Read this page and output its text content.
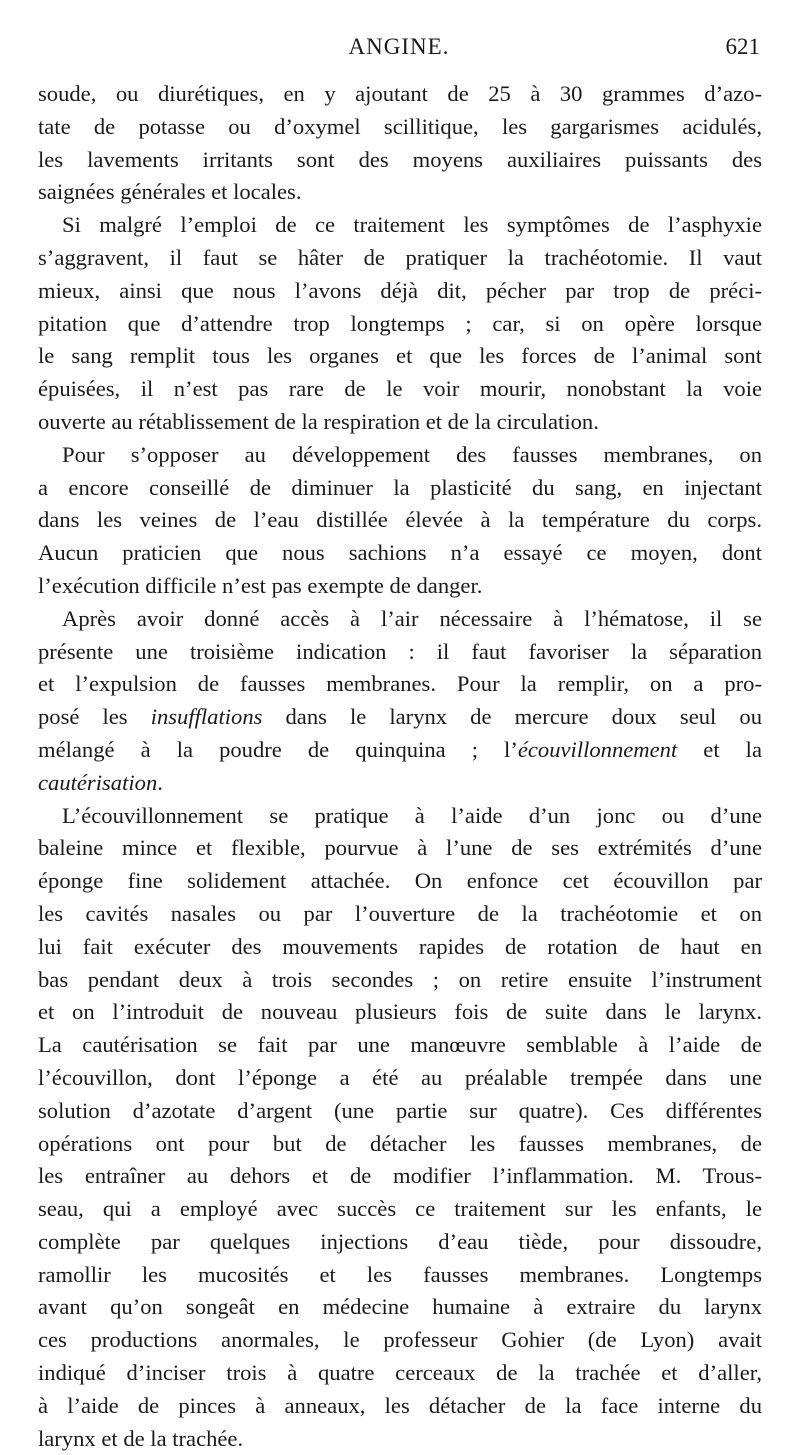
ANGINE.	621

soude, ou diurétiques, en y ajoutant de 25 à 30 grammes d’azo-
tate de potasse ou d’oxymel scillitique, les gargarismes acidulés,
les lavements irritants sont des moyens auxiliaires puissants des
saignées générales et locales.

Si malgré l’emploi de ce traitement les symptômes de l’asphyxie
s’aggravent, il faut se hâter de pratiquer la trachéotomie. Il vaut
mieux, ainsi que nous l’avons déjà dit, pécher par trop de préci-
pitation que d’attendre trop longtemps ; car, si on opère lorsque
le sang remplit tous les organes et que les forces de l’animal sont
épuisées, il n’est pas rare de le voir mourir, nonobstant la voie
ouverte au rétablissement de la respiration et de la circulation.

Pour s’opposer au développement des fausses membranes, on
a encore conseillé de diminuer la plasticité du sang, en injectant
dans les veines de l’eau distillée élevée à la température du corps.
Aucun praticien que nous sachions n’a essayé ce moyen, dont
l’exécution difficile n’est pas exempte de danger.

Après avoir donné accès à l’air nécessaire à l’hématose, il se
présente une troisième indication : il faut favoriser la séparation
et l’expulsion de fausses membranes. Pour la remplir, on a pro-
posé les insufflations dans le larynx de mercure doux seul ou
mélangé à la poudre de quinquina ; l’écouvillonnement et la
cautérisation.

L’écouvillonnement se pratique à l’aide d’un jonc ou d’une
baleine mince et flexible, pourvue à l’une de ses extrémités d’une
éponge fine solidement attachée. On enfonce cet écouvillon par
les cavités nasales ou par l’ouverture de la trachéotomie et on
lui fait exécuter des mouvements rapides de rotation de haut en
bas pendant deux à trois secondes ; on retire ensuite l’instrument
et on l’introduit de nouveau plusieurs fois de suite dans le larynx.
La cautérisation se fait par une manœuvre semblable à l’aide de
l’écouvillon, dont l’éponge a été au préalable trempée dans une
solution d’azotate d’argent (une partie sur quatre). Ces différentes
opérations ont pour but de détacher les fausses membranes, de
les entraîner au dehors et de modifier l’inflammation. M. Trous-
seau, qui a employé avec succès ce traitement sur les enfants, le
complète par quelques injections d’eau tiède, pour dissoudre,
ramollir les mucosités et les fausses membranes. Longtemps
avant qu’on songeât en médecine humaine à extraire du larynx
ces productions anormales, le professeur Gohier (de Lyon) avait
indiqué d’inciser trois à quatre cerceaux de la trachée et d’aller,
à l’aide de pinces à anneaux, les détacher de la face interne du
larynx et de la trachée.
